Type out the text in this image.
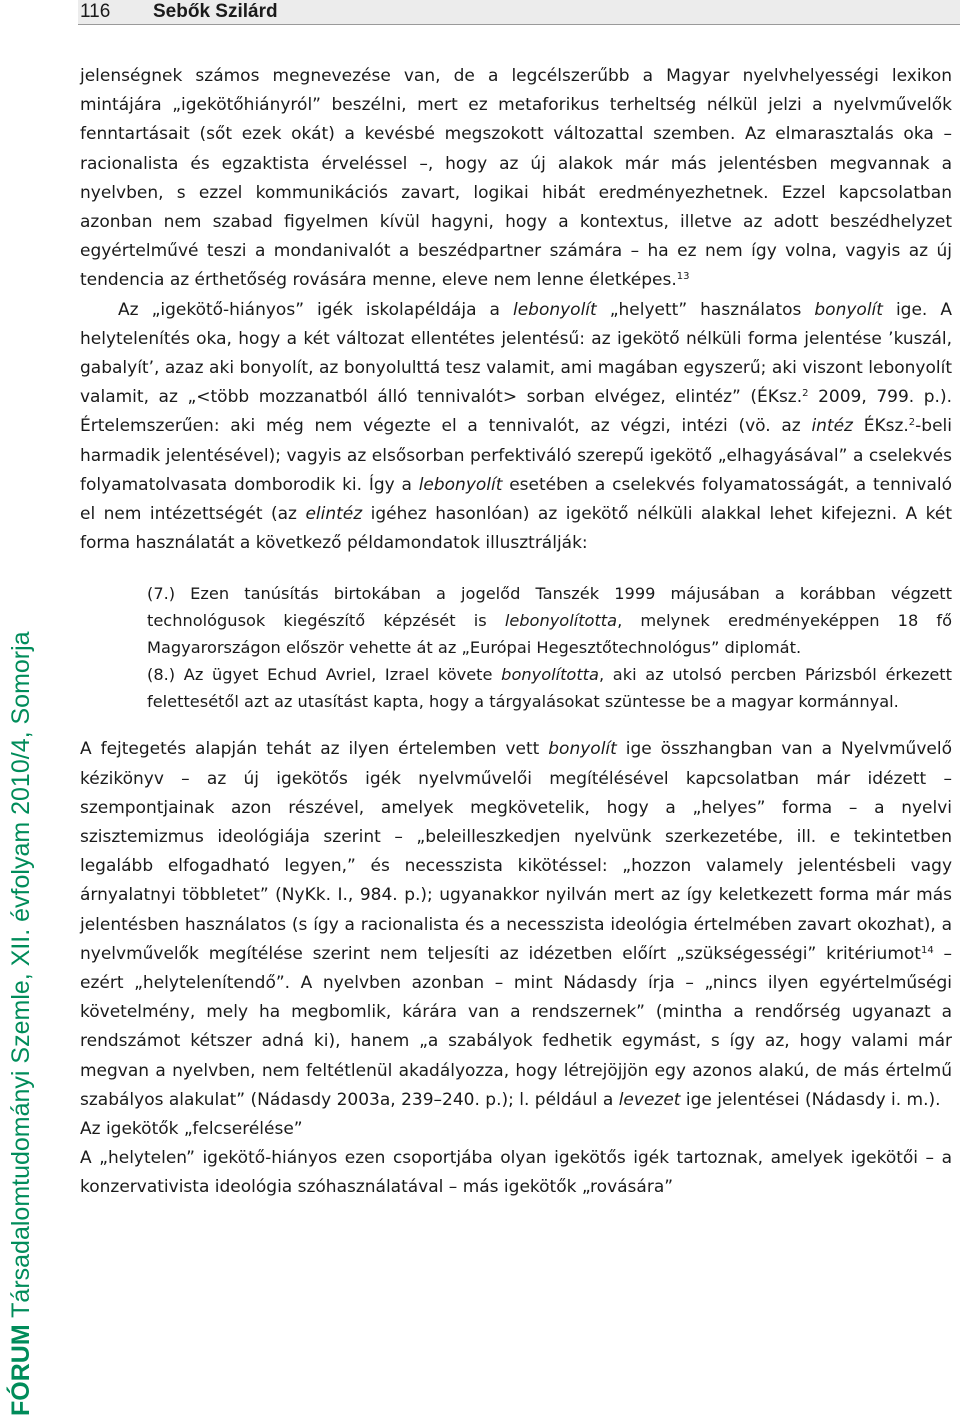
116 Sebők Szilárd
FÓRUM Társadalomtudományi Szemle, XII. évfolyam 2010/4, Somorja

jelenségnek számos megnevezése van, de a legcélszerűbb a Magyar nyelvhelyességi lexikon mintájára „igekötőhiányról” beszélni, mert ez metaforikus terheltség nélkül jelzi a nyelvművelők fenntartásait (sőt ezek okát) a kevésbé megszokott változattal szemben. Az elmarasztalás oka – racionalista és egzaktista érveléssel –, hogy az új alakok már más jelentésben megvannak a nyelvben, s ezzel kommunikációs zavart, logikai hibát eredményezhetnek. Ezzel kapcsolatban azonban nem szabad figyelmen kívül hagyni, hogy a kontextus, illetve az adott beszédhelyzet egyértelművé teszi a mondanivalót a beszédpartner számára – ha ez nem így volna, vagyis az új tendencia az érthetőség rovására menne, eleve nem lenne életképes.$^{13}$

Az „igekötő-hiányos” igék iskolapéldája a lebonyolít „helyett” használatos bonyolít ige. A helytelenítés oka, hogy a két változat ellentétes jelentésű: az igekötő nélküli forma jelentése ’kuszál, gabalyít’, azaz aki bonyolít, az bonyolulttá tesz valamit, ami magában egyszerű; aki viszont lebonyolít valamit, az „<több mozzanatból álló tennivalót> sorban elvégez, elintéz” (ÉKsz.$^2$ 2009, 799. p.). Értelemszerűen: aki még nem végezte el a tennivalót, az végzi, intézi (vö. az intéz ÉKsz.$^2$-beli harmadik jelentésével); vagyis az elsősorban perfektiváló szerepű igekötő „elhagyásával” a cselekvés folyamatolvasata domborodik ki. Így a lebonyolít esetében a cselekvés folyamatosságát, a tennivaló el nem intézettségét (az elintéz igéhez hasonlóan) az igekötő nélküli alakkal lehet kifejezni. A két forma használatát a következő példamondatok illusztrálják:

(7.) Ezen tanúsítás birtokában a jogelőd Tanszék 1999 májusában a korábban végzett technológusok kiegészítő képzését is lebonyolította, melynek eredményeképpen 18 fő Magyarországon először vehette át az „Európai Hegesztőtechnológus” diplomát.

(8.) Az ügyet Echud Avriel, Izrael követe bonyolította, aki az utolsó percben Párizsból érkezett felettesétől azt az utasítást kapta, hogy a tárgyalásokat szüntesse be a magyar kormánnyal.

A fejtegetés alapján tehát az ilyen értelemben vett bonyolít ige összhangban van a Nyelvművelő kézikönyv – az új igekötős igék nyelvművelői megítélésével kapcsolatban már idézett – szempontjainak azon részével, amelyek megkövetelik, hogy a „helyes” forma – a nyelvi szisztemizmus ideológiája szerint – „beleilleszkedjen nyelvünk szerkezetébe, ill. e tekintetben legalább elfogadható legyen,” és necesszista kikötéssel: „hozzon valamely jelentésbeli vagy árnyalatnyi többletet” (NyKk. I., 984. p.); ugyanakkor nyilván mert az így keletkezett forma már más jelentésben használatos (s így a racionalista és a necesszista ideológia értelmében zavart okozhat), a nyelvművelők megítélése szerint nem teljesíti az idézetben előírt „szükségességi” kritériumot$^{14}$ – ezért „helytelenítendő”. A nyelvben azonban – mint Nádasdy írja – „nincs ilyen egyértelműségi követelmény, mely ha megbomlik, kárára van a rendszernek” (mintha a rendőrség ugyanazt a rendszámot kétszer adná ki), hanem „a szabályok fedhetik egymást, s így az, hogy valami már megvan a nyelvben, nem feltétlenül akadályozza, hogy létrejöjjön egy azonos alakú, de más értelmű szabályos alakulat” (Nádasdy 2003a, 239–240. p.); l. például a levezet ige jelentései (Nádasdy i. m.).

Az igekötők „felcserélése”

A „helytelen” igekötő-hiányos ezen csoportjába olyan igekötős igék tartoznak, amelyek igekötői – a konzervativista ideológia szóhasználatával – más igekötők „rovására”
